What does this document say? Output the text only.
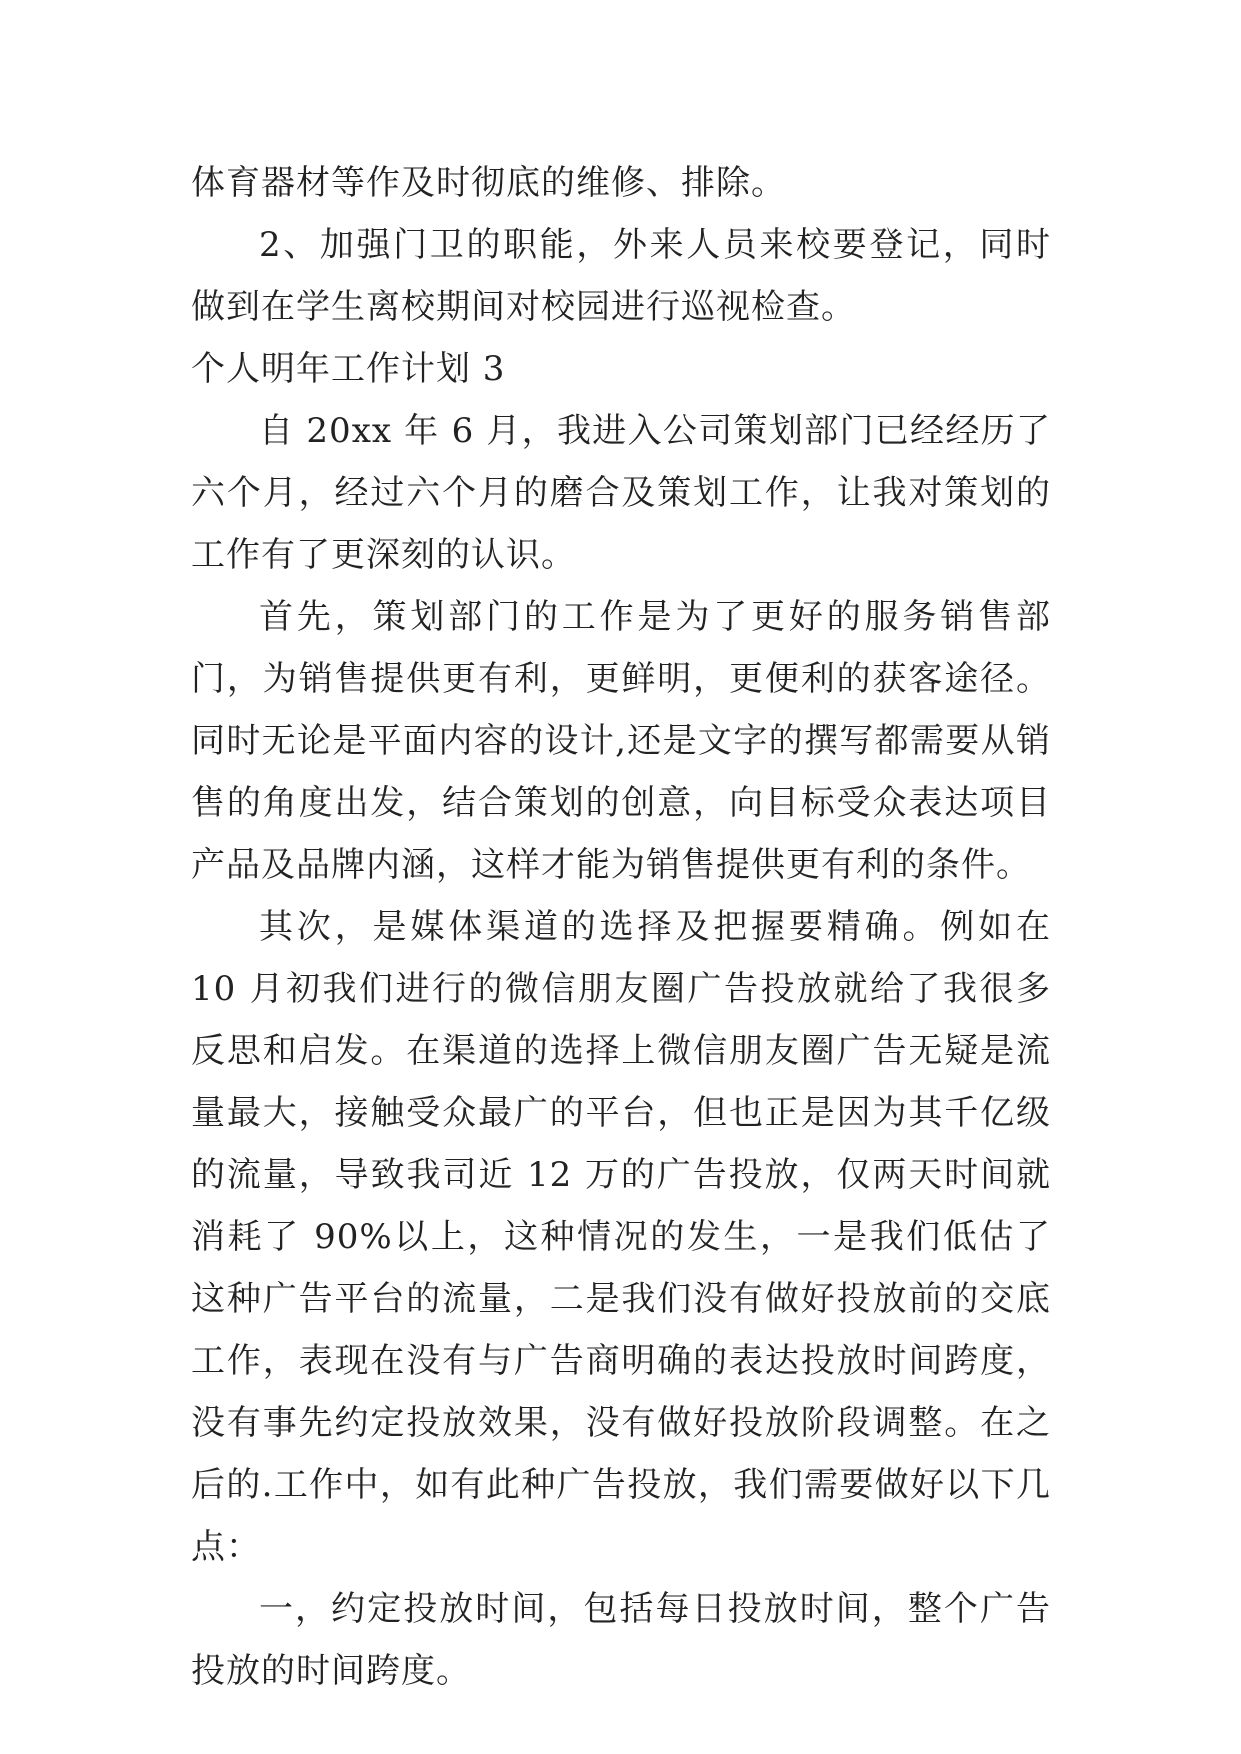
体育器材等作及时彻底的维修、排除。

2、加强门卫的职能，外来人员来校要登记，同时做到在学生离校期间对校园进行巡视检查。

个人明年工作计划 3

自 20xx 年 6 月，我进入公司策划部门已经经历了六个月，经过六个月的磨合及策划工作，让我对策划的工作有了更深刻的认识。

首先，策划部门的工作是为了更好的服务销售部门，为销售提供更有利，更鲜明，更便利的获客途径。同时无论是平面内容的设计,还是文字的撰写都需要从销售的角度出发，结合策划的创意，向目标受众表达项目产品及品牌内涵，这样才能为销售提供更有利的条件。

其次，是媒体渠道的选择及把握要精确。例如在 10 月初我们进行的微信朋友圈广告投放就给了我很多反思和启发。在渠道的选择上微信朋友圈广告无疑是流量最大，接触受众最广的平台，但也正是因为其千亿级的流量，导致我司近 12 万的广告投放，仅两天时间就消耗了 90%以上，这种情况的发生，一是我们低估了这种广告平台的流量，二是我们没有做好投放前的交底工作，表现在没有与广告商明确的表达投放时间跨度，没有事先约定投放效果，没有做好投放阶段调整。在之后的.工作中，如有此种广告投放，我们需要做好以下几点：

一，约定投放时间，包括每日投放时间，整个广告投放的时间跨度。
